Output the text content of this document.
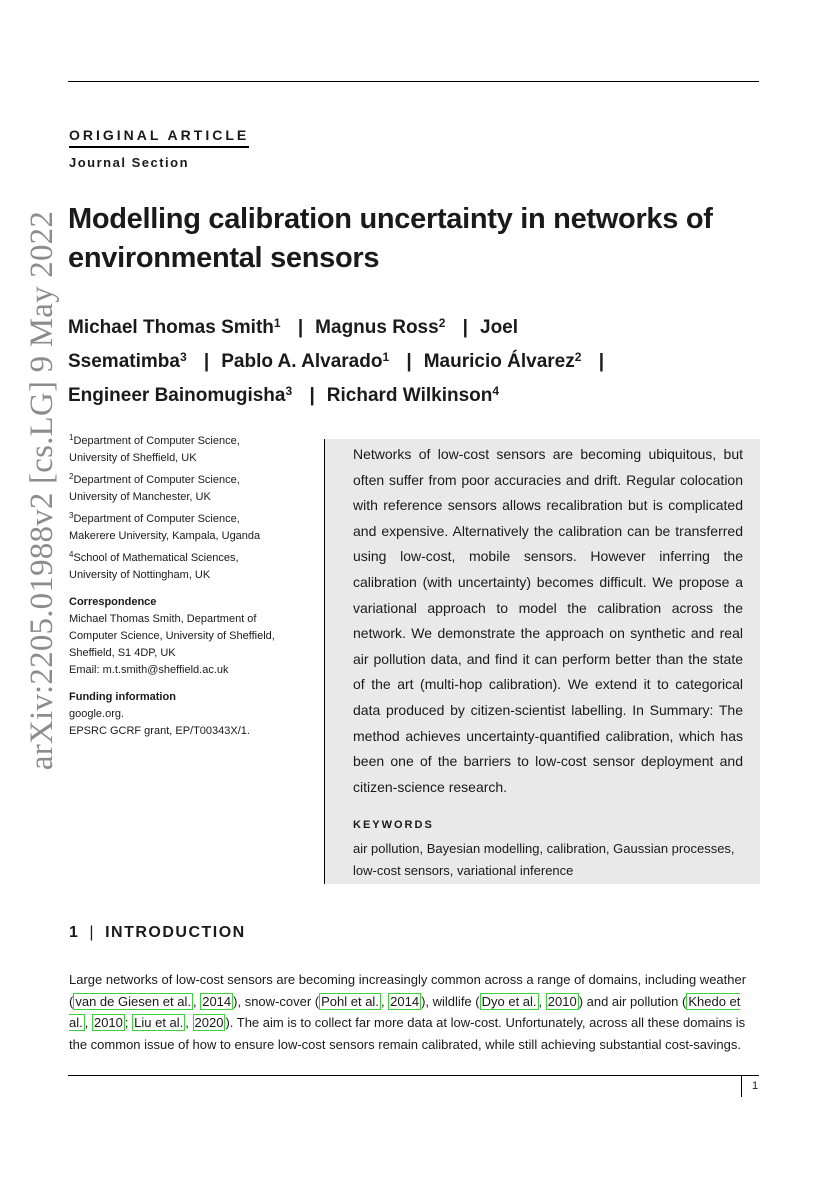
arXiv:2205.01988v2 [cs.LG] 9 May 2022
ORIGINAL ARTICLE
Journal Section
Modelling calibration uncertainty in networks of environmental sensors
Michael Thomas Smith$^1$ | Magnus Ross$^2$ | Joel Ssematimba$^3$ | Pablo A. Alvarado$^1$ | Mauricio Álvarez$^2$ |Engineer Bainomugisha$^3$ | Richard Wilkinson$^4$
$^1$Department of Computer Science,
University of Sheffield, UK
$^2$Department of Computer Science,
University of Manchester, UK
$^3$Department of Computer Science,
Makerere University, Kampala, Uganda
$^4$School of Mathematical Sciences,
University of Nottingham, UK
Correspondence
Michael Thomas Smith, Department of
Computer Science, University of Sheffield,
Sheffield, S1 4DP, UK
Email: m.t.smith@sheffield.ac.uk
Funding information
google.org.
EPSRC GCRF grant, EP/T00343X/1.

Networks of low-cost sensors are becoming ubiquitous, but often suffer from poor accuracies and drift. Regular colocation with reference sensors allows recalibration but is complicated and expensive. Alternatively the calibration can be transferred using low-cost, mobile sensors. However inferring the calibration (with uncertainty) becomes difficult. We propose a variational approach to model the calibration across the network. We demonstrate the approach on synthetic and real air pollution data, and find it can perform better than the state of the art (multi-hop calibration). We extend it to categorical data produced by citizen-scientist labelling. In Summary: The method achieves uncertainty-quantified calibration, which has been one of the barriers to low-cost sensor deployment and citizen-science research.

KEYWORDS
air pollution, Bayesian modelling, calibration, Gaussian processes, low-cost sensors, variational inference
1 | INTRODUCTION

Large networks of low-cost sensors are becoming increasingly common across a range of domains, including weather ( van de Giesen et al. , 2014 ), snow-cover ( Pohl et al. , 2014 ), wildlife ( Dyo et al. , 2010 ) and air pollution ( Khedo et al. , 2010 ; Liu et al. , 2020 ). The aim is to collect far more data at low-cost. Unfortunately, across all these domains is the common issue of how to ensure low-cost sensors remain calibrated, while still achieving substantial cost-savings.

1
